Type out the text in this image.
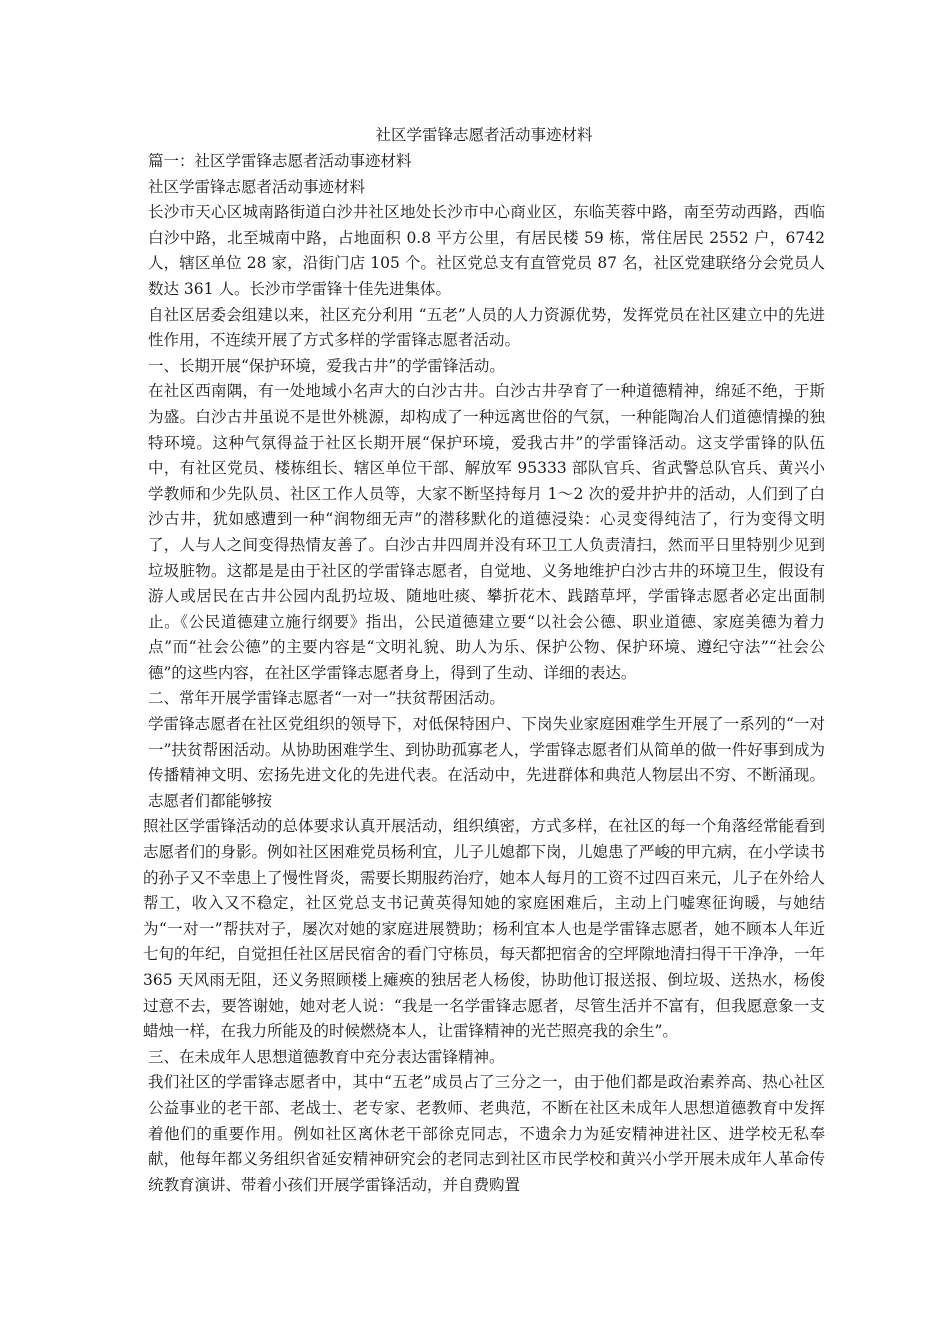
社区学雷锋志愿者活动事迹材料

篇一：社区学雷锋志愿者活动事迹材料

社区学雷锋志愿者活动事迹材料

长沙市天心区城南路街道白沙井社区地处长沙市中心商业区，东临芙蓉中路，南至劳动西路，西临白沙中路，北至城南中路，占地面积 0.8 平方公里，有居民楼 59 栋，常住居民 2552 户，6742 人，辖区单位 28 家，沿街门店 105 个。社区党总支有直管党员 87 名，社区党建联络分会党员人数达 361 人。长沙市学雷锋十佳先进集体。

自社区居委会组建以来，社区充分利用 “五老”人员的人力资源优势，发挥党员在社区建立中的先进性作用，不连续开展了方式多样的学雷锋志愿者活动。

一、长期开展“保护环境，爱我古井”的学雷锋活动。

在社区西南隅，有一处地域小名声大的白沙古井。白沙古井孕育了一种道德精神，绵延不绝，于斯为盛。白沙古井虽说不是世外桃源，却构成了一种远离世俗的气氛，一种能陶冶人们道德情操的独特环境。这种气氛得益于社区长期开展“保护环境，爱我古井”的学雷锋活动。这支学雷锋的队伍中，有社区党员、楼栋组长、辖区单位干部、解放军 95333 部队官兵、省武警总队官兵、黄兴小学教师和少先队员、社区工作人员等，大家不断坚持每月 1～2 次的爱井护井的活动，人们到了白沙古井，犹如感遭到一种“润物细无声”的潜移默化的道德浸染：心灵变得纯洁了，行为变得文明了，人与人之间变得热情友善了。白沙古井四周并没有环卫工人负责清扫，然而平日里特别少见到垃圾脏物。这都是是由于社区的学雷锋志愿者，自觉地、义务地维护白沙古井的环境卫生，假设有游人或居民在古井公园内乱扔垃圾、随地吐痰、攀折花木、践踏草坪，学雷锋志愿者必定出面制止。《公民道德建立施行纲要》指出，公民道德建立要“以社会公德、职业道德、家庭美德为着力点”而“社会公德”的主要内容是“文明礼貌、助人为乐、保护公物、保护环境、遵纪守法”“社会公德”的这些内容，在社区学雷锋志愿者身上，得到了生动、详细的表达。

二、常年开展学雷锋志愿者“一对一”扶贫帮困活动。

学雷锋志愿者在社区党组织的领导下，对低保特困户、下岗失业家庭困难学生开展了一系列的“一对一”扶贫帮困活动。从协助困难学生、到协助孤寡老人，学雷锋志愿者们从简单的做一件好事到成为传播精神文明、宏扬先进文化的先进代表。在活动中，先进群体和典范人物层出不穷、不断涌现。志愿者们都能够按

照社区学雷锋活动的总体要求认真开展活动，组织缜密，方式多样，在社区的每一个角落经常能看到志愿者们的身影。例如社区困难党员杨利宜，儿子儿媳都下岗，儿媳患了严峻的甲亢病，在小学读书的孙子又不幸患上了慢性肾炎，需要长期服药治疗，她本人每月的工资不过四百来元，儿子在外给人帮工，收入又不稳定，社区党总支书记黄英得知她的家庭困难后，主动上门嘘寒征询暖，与她结为“一对一”帮扶对子，屡次对她的家庭进展赞助；杨利宜本人也是学雷锋志愿者，她不顾本人年近七旬的年纪，自觉担任社区居民宿舍的看门守栋员，每天都把宿舍的空坪隙地清扫得干干净净，一年 365 天风雨无阻，还义务照顾楼上瘫痪的独居老人杨俊，协助他订报送报、倒垃圾、送热水，杨俊过意不去，要答谢她，她对老人说：“我是一名学雷锋志愿者，尽管生活并不富有，但我愿意象一支蜡烛一样，在我力所能及的时候燃烧本人，让雷锋精神的光芒照亮我的余生”。

三、在未成年人思想道德教育中充分表达雷锋精神。

我们社区的学雷锋志愿者中，其中“五老”成员占了三分之一，由于他们都是政治素养高、热心社区公益事业的老干部、老战士、老专家、老教师、老典范，不断在社区未成年人思想道德教育中发挥着他们的重要作用。例如社区离休老干部徐克同志，不遗余力为延安精神进社区、进学校无私奉献，他每年都义务组织省延安精神研究会的老同志到社区市民学校和黄兴小学开展未成年人革命传统教育演讲、带着小孩们开展学雷锋活动，并自费购置
